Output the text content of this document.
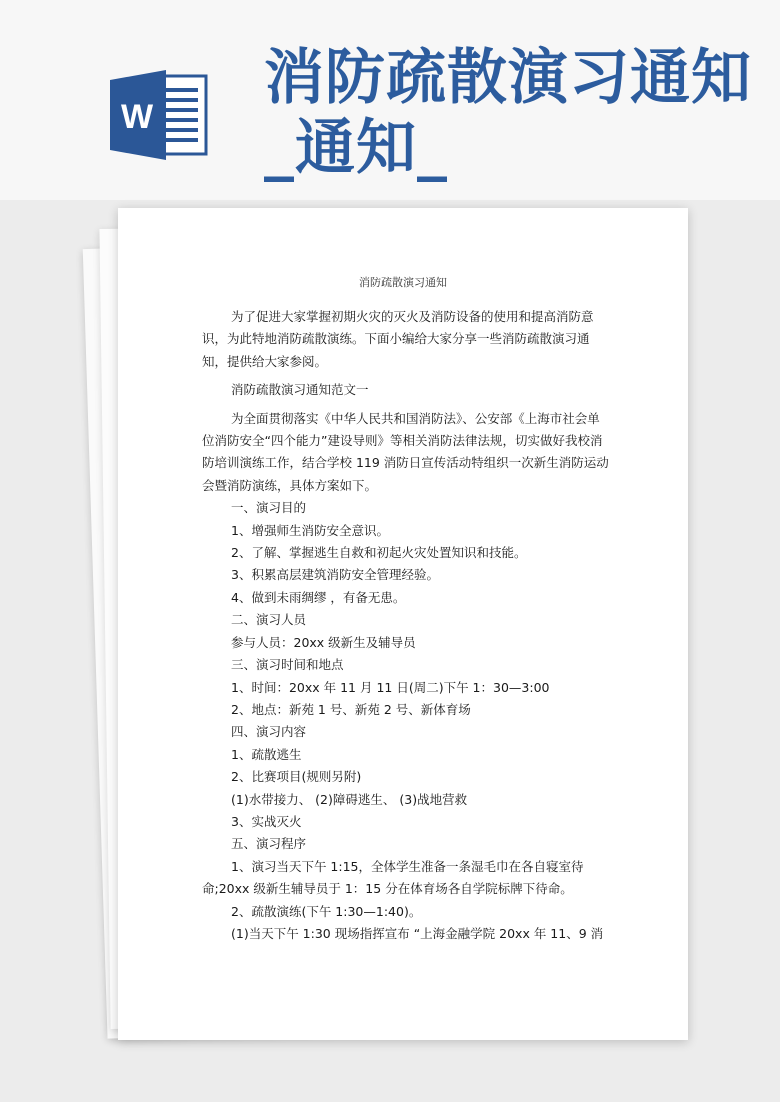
W
消防疏散演习通知
_通知_
消防疏散演习通知
为了促进大家掌握初期火灾的灭火及消防设备的使用和提高消防意识，为此特地消防疏散演练。下面小编给大家分享一些消防疏散演习通知，提供给大家参阅。
消防疏散演习通知范文一
为全面贯彻落实《中华人民共和国消防法》、公安部《上海市社会单位消防安全“四个能力”建设导则》等相关消防法律法规，切实做好我校消防培训演练工作，结合学校 119 消防日宣传活动特组织一次新生消防运动会暨消防演练，具体方案如下。
一、演习目的
1、增强师生消防安全意识。
2、了解、掌握逃生自救和初起火灾处置知识和技能。
3、积累高层建筑消防安全管理经验。
4、做到未雨绸缪 ，有备无患。
二、演习人员
参与人员：20xx 级新生及辅导员
三、演习时间和地点
1、时间：20xx 年 11 月 11 日(周二)下午 1：30—3:00
2、地点：新苑 1 号、新苑 2 号、新体育场
四、演习内容
1、疏散逃生
2、比赛项目(规则另附)
(1)水带接力、 (2)障碍逃生、 (3)战地营救
3、实战灭火
五、演习程序
1、演习当天下午 1:15，全体学生准备一条湿毛巾在各自寝室待命;20xx 级新生辅导员于 1：15 分在体育场各自学院标牌下待命。
2、疏散演练(下午 1:30—1:40)。
(1)当天下午 1:30 现场指挥宣布 “上海金融学院 20xx 年 11、9 消
